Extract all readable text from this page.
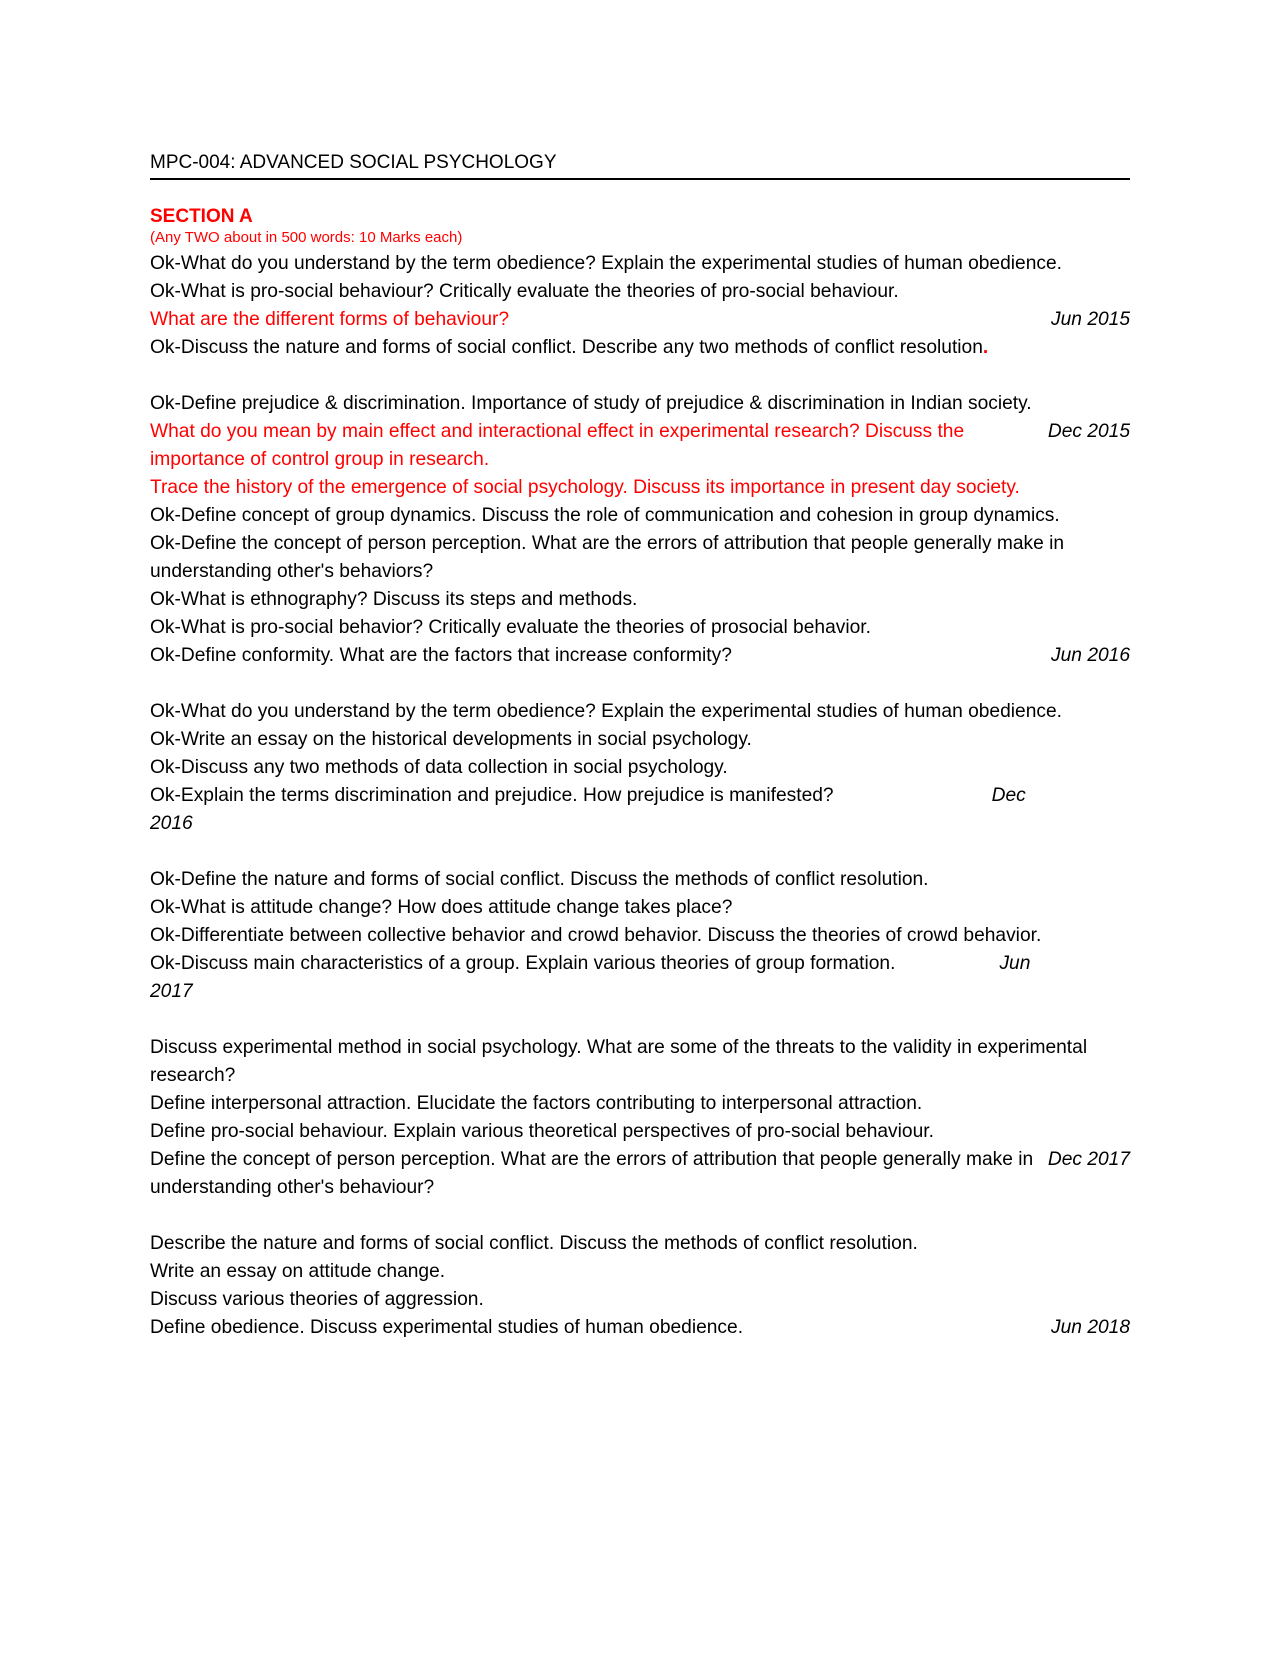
MPC-004: ADVANCED SOCIAL PSYCHOLOGY
SECTION A
(Any TWO about in 500 words: 10 Marks each)
Ok-What do you understand by the term obedience? Explain the experimental studies of human obedience.
Ok-What is pro-social behaviour? Critically evaluate the theories of pro-social behaviour.
Jun 2015
What are the different forms of behaviour?
Ok-Discuss the nature and forms of social conflict. Describe any two methods of conflict resolution.
Ok-Define prejudice & discrimination. Importance of study of prejudice & discrimination in Indian society.
Dec 2015
What do you mean by main effect and interactional effect in experimental research? Discuss the importance of control group in research.
Trace the history of the emergence of social psychology. Discuss its importance in present day society.
Ok-Define concept of group dynamics. Discuss the role of communication and cohesion in group dynamics.
Ok-Define the concept of person perception. What are the errors of attribution that people generally make in understanding other's behaviors?
Ok-What is ethnography? Discuss its steps and methods.
Ok-What is pro-social behavior? Critically evaluate the theories of prosocial behavior.
Jun 2016
Ok-Define conformity. What are the factors that increase conformity?
Ok-What do you understand by the term obedience? Explain the experimental studies of human obedience.
Ok-Write an essay on the historical developments in social psychology.
Ok-Discuss any two methods of data collection in social psychology.
Ok-Explain the terms discrimination and prejudice. How prejudice is manifested?	Dec
2016
Ok-Define the nature and forms of social conflict. Discuss the methods of conflict resolution.
Ok-What is attitude change? How does attitude change takes place?
Ok-Differentiate between collective behavior and crowd behavior. Discuss the theories of crowd behavior.
Ok-Discuss main characteristics of a group. Explain various theories of group formation.	Jun
2017
Discuss experimental method in social psychology. What are some of the threats to the validity in experimental research?
Define interpersonal attraction. Elucidate the factors contributing to interpersonal attraction.
Define pro-social behaviour. Explain various theoretical perspectives of pro-social behaviour.
Dec 2017
Define the concept of person perception. What are the errors of attribution that people generally make in understanding other's behaviour?
Describe the nature and forms of social conflict. Discuss the methods of conflict resolution.
Write an essay on attitude change.
Discuss various theories of aggression.
Jun 2018
Define obedience. Discuss experimental studies of human obedience.
